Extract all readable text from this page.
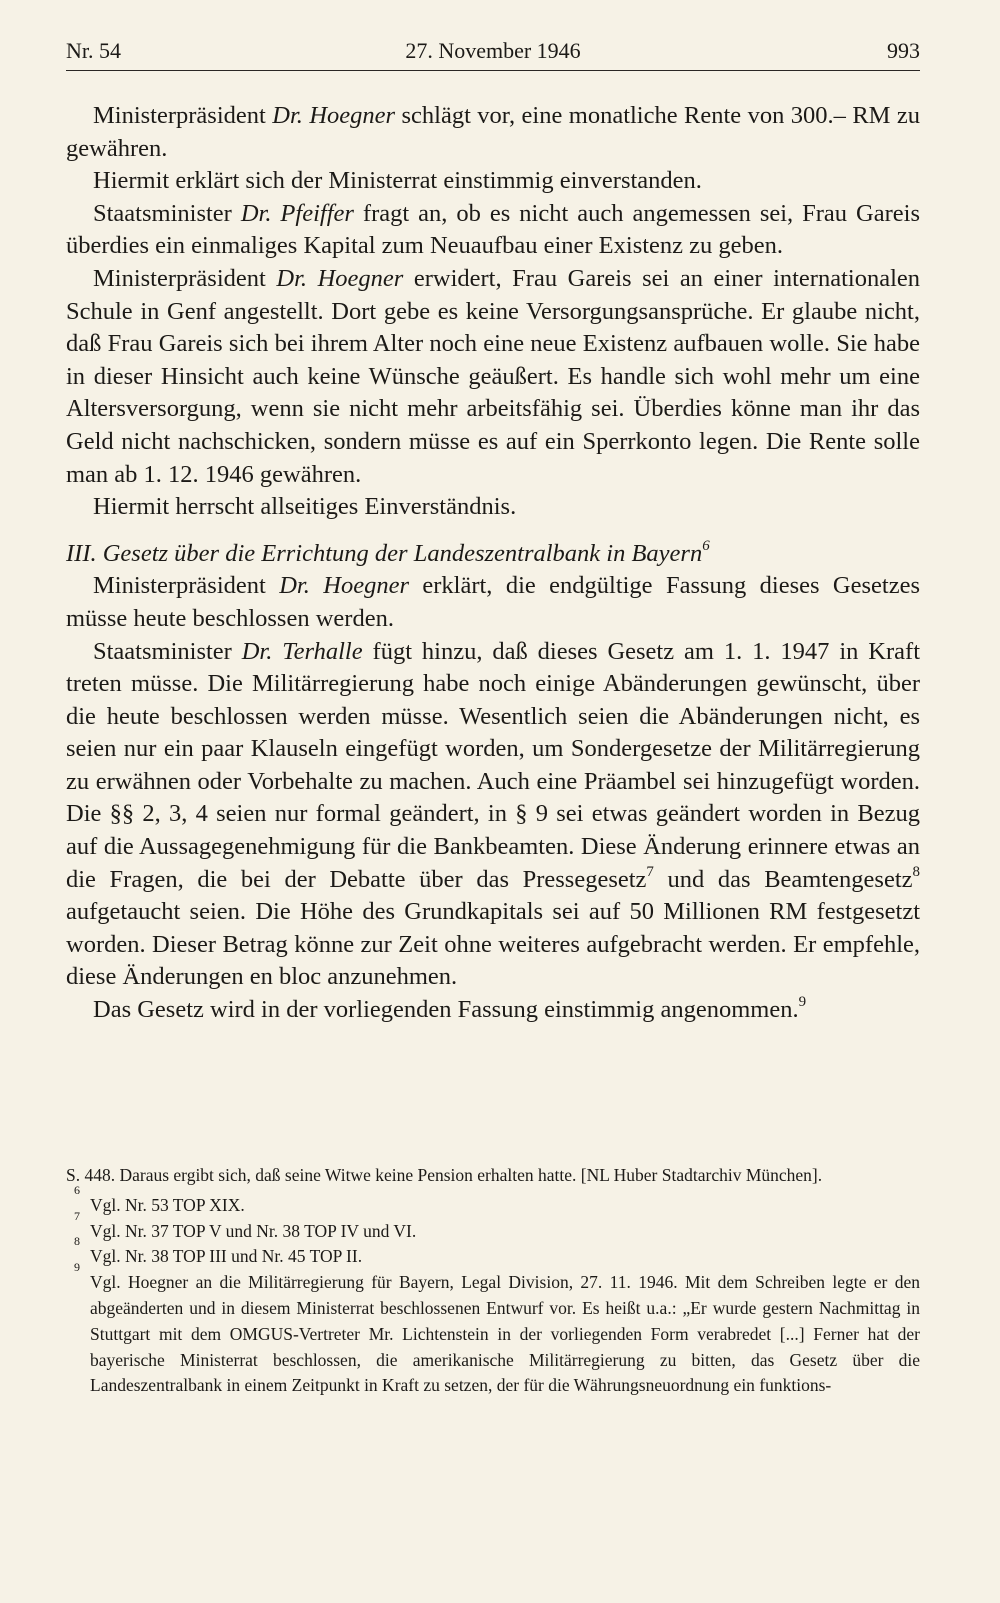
Nr. 54	27. November 1946	993

Ministerpräsident Dr. Hoegner schlägt vor, eine monatliche Rente von 300.– RM zu gewähren.

Hiermit erklärt sich der Ministerrat einstimmig einverstanden.

Staatsminister Dr. Pfeiffer fragt an, ob es nicht auch angemessen sei, Frau Gareis überdies ein einmaliges Kapital zum Neuaufbau einer Existenz zu geben.

Ministerpräsident Dr. Hoegner erwidert, Frau Gareis sei an einer internationalen Schule in Genf angestellt. Dort gebe es keine Versorgungsansprüche. Er glaube nicht, daß Frau Gareis sich bei ihrem Alter noch eine neue Existenz aufbauen wolle. Sie habe in dieser Hinsicht auch keine Wünsche geäußert. Es handle sich wohl mehr um eine Altersversorgung, wenn sie nicht mehr arbeitsfähig sei. Überdies könne man ihr das Geld nicht nachschicken, sondern müsse es auf ein Sperrkonto legen. Die Rente solle man ab 1. 12. 1946 gewähren.

Hiermit herrscht allseitiges Einverständnis.

III. Gesetz über die Errichtung der Landeszentralbank in Bayern$^6$

Ministerpräsident Dr. Hoegner erklärt, die endgültige Fassung dieses Gesetzes müsse heute beschlossen werden.

Staatsminister Dr. Terhalle fügt hinzu, daß dieses Gesetz am 1. 1. 1947 in Kraft treten müsse. Die Militärregierung habe noch einige Abänderungen gewünscht, über die heute beschlossen werden müsse. Wesentlich seien die Abänderungen nicht, es seien nur ein paar Klauseln eingefügt worden, um Sondergesetze der Militärregierung zu erwähnen oder Vorbehalte zu machen. Auch eine Präambel sei hinzugefügt worden. Die §§ 2, 3, 4 seien nur formal geändert, in § 9 sei etwas geändert worden in Bezug auf die Aussagegenehmigung für die Bankbeamten. Diese Änderung erinnere etwas an die Fragen, die bei der Debatte über das Pressegesetz$^7$ und das Beamtengesetz$^8$ aufgetaucht seien. Die Höhe des Grundkapitals sei auf 50 Millionen RM festgesetzt worden. Dieser Betrag könne zur Zeit ohne weiteres aufgebracht werden. Er empfehle, diese Änderungen en bloc anzunehmen.

Das Gesetz wird in der vorliegenden Fassung einstimmig angenommen.$^9$

S. 448. Daraus ergibt sich, daß seine Witwe keine Pension erhalten hatte. [NL Huber Stadtarchiv München].

$^6$
Vgl. Nr. 53 TOP XIX.
$^7$
Vgl. Nr. 37 TOP V und Nr. 38 TOP IV und VI.
$^8$
Vgl. Nr. 38 TOP III und Nr. 45 TOP II.
$^9$
Vgl. Hoegner an die Militärregierung für Bayern, Legal Division, 27. 11. 1946. Mit dem Schreiben legte er den abgeänderten und in diesem Ministerrat beschlossenen Entwurf vor. Es heißt u.a.: „Er wurde gestern Nachmittag in Stuttgart mit dem OMGUS-Vertreter Mr. Lichtenstein in der vorliegenden Form verabredet [...] Ferner hat der bayerische Ministerrat beschlossen, die amerikanische Militärregierung zu bitten, das Gesetz über die Landeszentralbank in einem Zeitpunkt in Kraft zu setzen, der für die Währungsneuordnung ein funktions-
